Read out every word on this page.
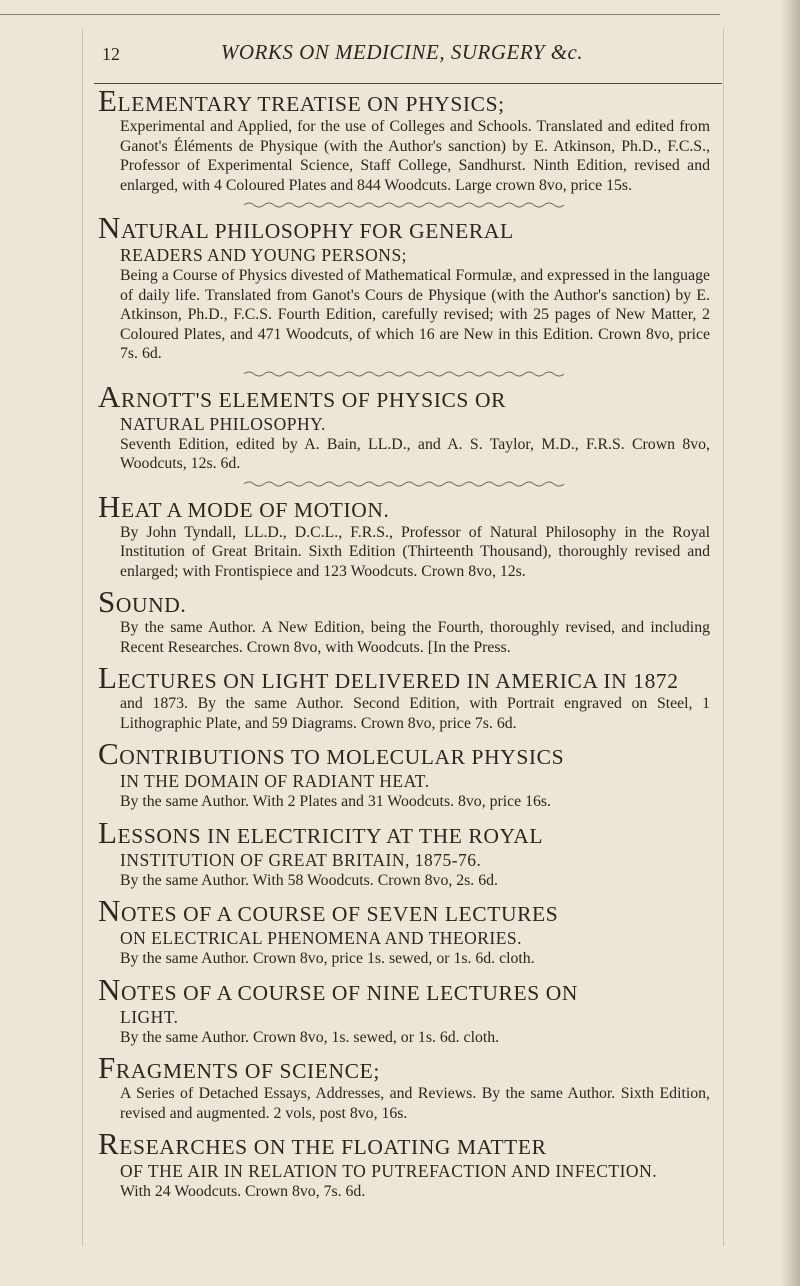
12	WORKS ON MEDICINE, SURGERY &c.

ELEMENTARY TREATISE ON PHYSICS;

Experimental and Applied, for the use of Colleges and Schools. Translated and edited from Ganot's Éléments de Physique (with the Author's sanction) by E. Atkinson, Ph.D., F.C.S., Professor of Experimental Science, Staff College, Sandhurst. Ninth Edition, revised and enlarged, with 4 Coloured Plates and 844 Woodcuts. Large crown 8vo, price 15s.

NATURAL PHILOSOPHY FOR GENERAL

READERS AND YOUNG PERSONS;

Being a Course of Physics divested of Mathematical Formulæ, and expressed in the language of daily life. Translated from Ganot's Cours de Physique (with the Author's sanction) by E. Atkinson, Ph.D., F.C.S. Fourth Edition, carefully revised; with 25 pages of New Matter, 2 Coloured Plates, and 471 Woodcuts, of which 16 are New in this Edition. Crown 8vo, price 7s. 6d.

ARNOTT'S ELEMENTS OF PHYSICS OR

NATURAL PHILOSOPHY.

Seventh Edition, edited by A. Bain, LL.D., and A. S. Taylor, M.D., F.R.S. Crown 8vo, Woodcuts, 12s. 6d.

HEAT A MODE OF MOTION.

By John Tyndall, LL.D., D.C.L., F.R.S., Professor of Natural Philosophy in the Royal Institution of Great Britain. Sixth Edition (Thirteenth Thousand), thoroughly revised and enlarged; with Frontispiece and 123 Woodcuts. Crown 8vo, 12s.

SOUND.

By the same Author. A New Edition, being the Fourth, thoroughly revised, and including Recent Researches. Crown 8vo, with Woodcuts. [In the Press.

LECTURES ON LIGHT DELIVERED IN AMERICA IN 1872

and 1873. By the same Author. Second Edition, with Portrait engraved on Steel, 1 Lithographic Plate, and 59 Diagrams. Crown 8vo, price 7s. 6d.

CONTRIBUTIONS TO MOLECULAR PHYSICS

IN THE DOMAIN OF RADIANT HEAT.

By the same Author. With 2 Plates and 31 Woodcuts. 8vo, price 16s.

LESSONS IN ELECTRICITY AT THE ROYAL

INSTITUTION OF GREAT BRITAIN, 1875-76.

By the same Author. With 58 Woodcuts. Crown 8vo, 2s. 6d.

NOTES OF A COURSE OF SEVEN LECTURES

ON ELECTRICAL PHENOMENA AND THEORIES.

By the same Author. Crown 8vo, price 1s. sewed, or 1s. 6d. cloth.

NOTES OF A COURSE OF NINE LECTURES ON

LIGHT.

By the same Author. Crown 8vo, 1s. sewed, or 1s. 6d. cloth.

FRAGMENTS OF SCIENCE;

A Series of Detached Essays, Addresses, and Reviews. By the same Author. Sixth Edition, revised and augmented. 2 vols, post 8vo, 16s.

RESEARCHES ON THE FLOATING MATTER

OF THE AIR IN RELATION TO PUTREFACTION AND INFECTION.

With 24 Woodcuts. Crown 8vo, 7s. 6d.
